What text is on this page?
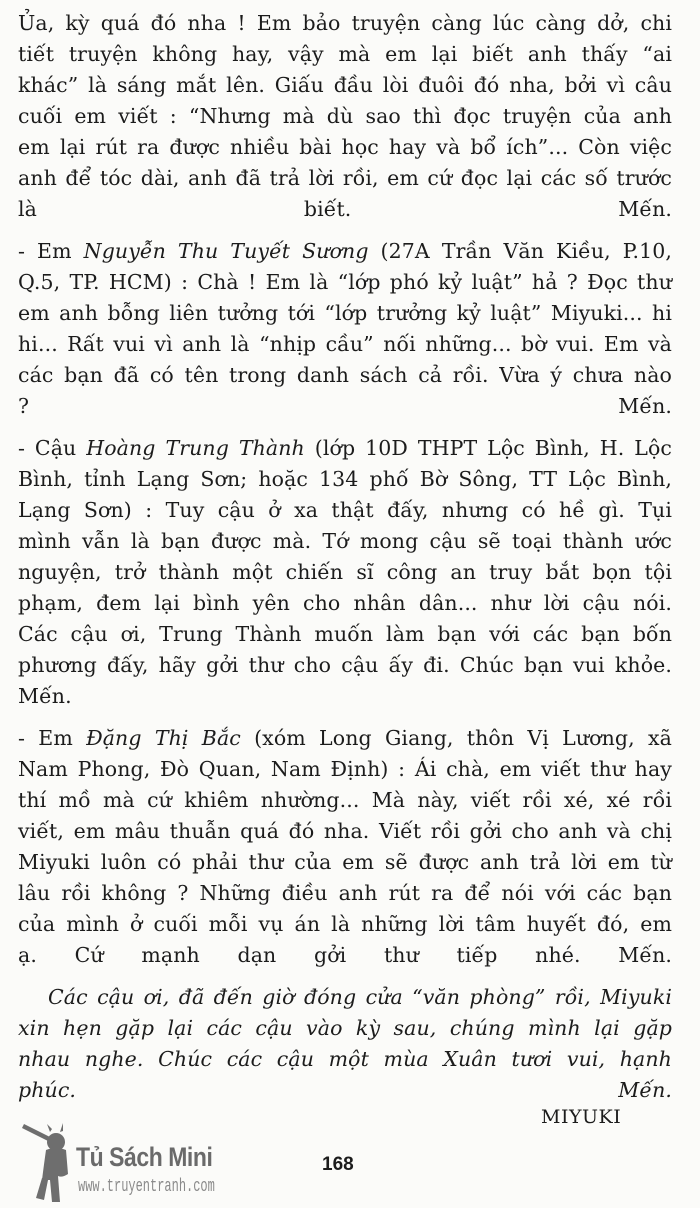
Ủa, kỳ quá đó nha ! Em bảo truyện càng lúc càng dở, chi
tiết truyện không hay, vậy mà em lại biết anh thấy “ai
khác” là sáng mắt lên. Giấu đầu lòi đuôi đó nha, bởi vì câu
cuối em viết : “Nhưng mà dù sao thì đọc truyện của anh
em lại rút ra được nhiều bài học hay và bổ ích”... Còn việc
anh để tóc dài, anh đã trả lời rồi, em cứ đọc lại các số trước
là biết. Mến.
- Em Nguyễn Thu Tuyết Sương (27A Trần Văn Kiều, P.10,
Q.5, TP. HCM) : Chà ! Em là “lớp phó kỷ luật” hả ? Đọc thư
em anh bỗng liên tưởng tới “lớp trưởng kỷ luật” Miyuki... hi
hi... Rất vui vì anh là “nhịp cầu” nối những... bờ vui. Em và
các bạn đã có tên trong danh sách cả rồi. Vừa ý chưa nào
? Mến.
- Cậu Hoàng Trung Thành (lớp 10D THPT Lộc Bình, H. Lộc
Bình, tỉnh Lạng Sơn; hoặc 134 phố Bờ Sông, TT Lộc Bình,
Lạng Sơn) : Tuy cậu ở xa thật đấy, nhưng có hề gì. Tụi
mình vẫn là bạn được mà. Tớ mong cậu sẽ toại thành ước
nguyện, trở thành một chiến sĩ công an truy bắt bọn tội
phạm, đem lại bình yên cho nhân dân... như lời cậu nói.
Các cậu ơi, Trung Thành muốn làm bạn với các bạn bốn
phương đấy, hãy gởi thư cho cậu ấy đi. Chúc bạn vui khỏe.
Mến.
- Em Đặng Thị Bắc (xóm Long Giang, thôn Vị Lương, xã
Nam Phong, Đò Quan, Nam Định) : Ái chà, em viết thư hay
thí mồ mà cứ khiêm nhường... Mà này, viết rồi xé, xé rồi
viết, em mâu thuẫn quá đó nha. Viết rồi gởi cho anh và chị
Miyuki luôn có phải thư của em sẽ được anh trả lời em từ
lâu rồi không ? Những điều anh rút ra để nói với các bạn
của mình ở cuối mỗi vụ án là những lời tâm huyết đó, em
ạ. Cứ mạnh dạn gởi thư tiếp nhé. Mến.
Các cậu ơi, đã đến giờ đóng cửa “văn phòng” rồi, Miyuki
xin hẹn gặp lại các cậu vào kỳ sau, chúng mình lại gặp
nhau nghe. Chúc các cậu một mùa Xuân tươi vui, hạnh
phúc. Mến.
MIYUKI
168
Tủ Sách Mini
www.truyentranh.com
